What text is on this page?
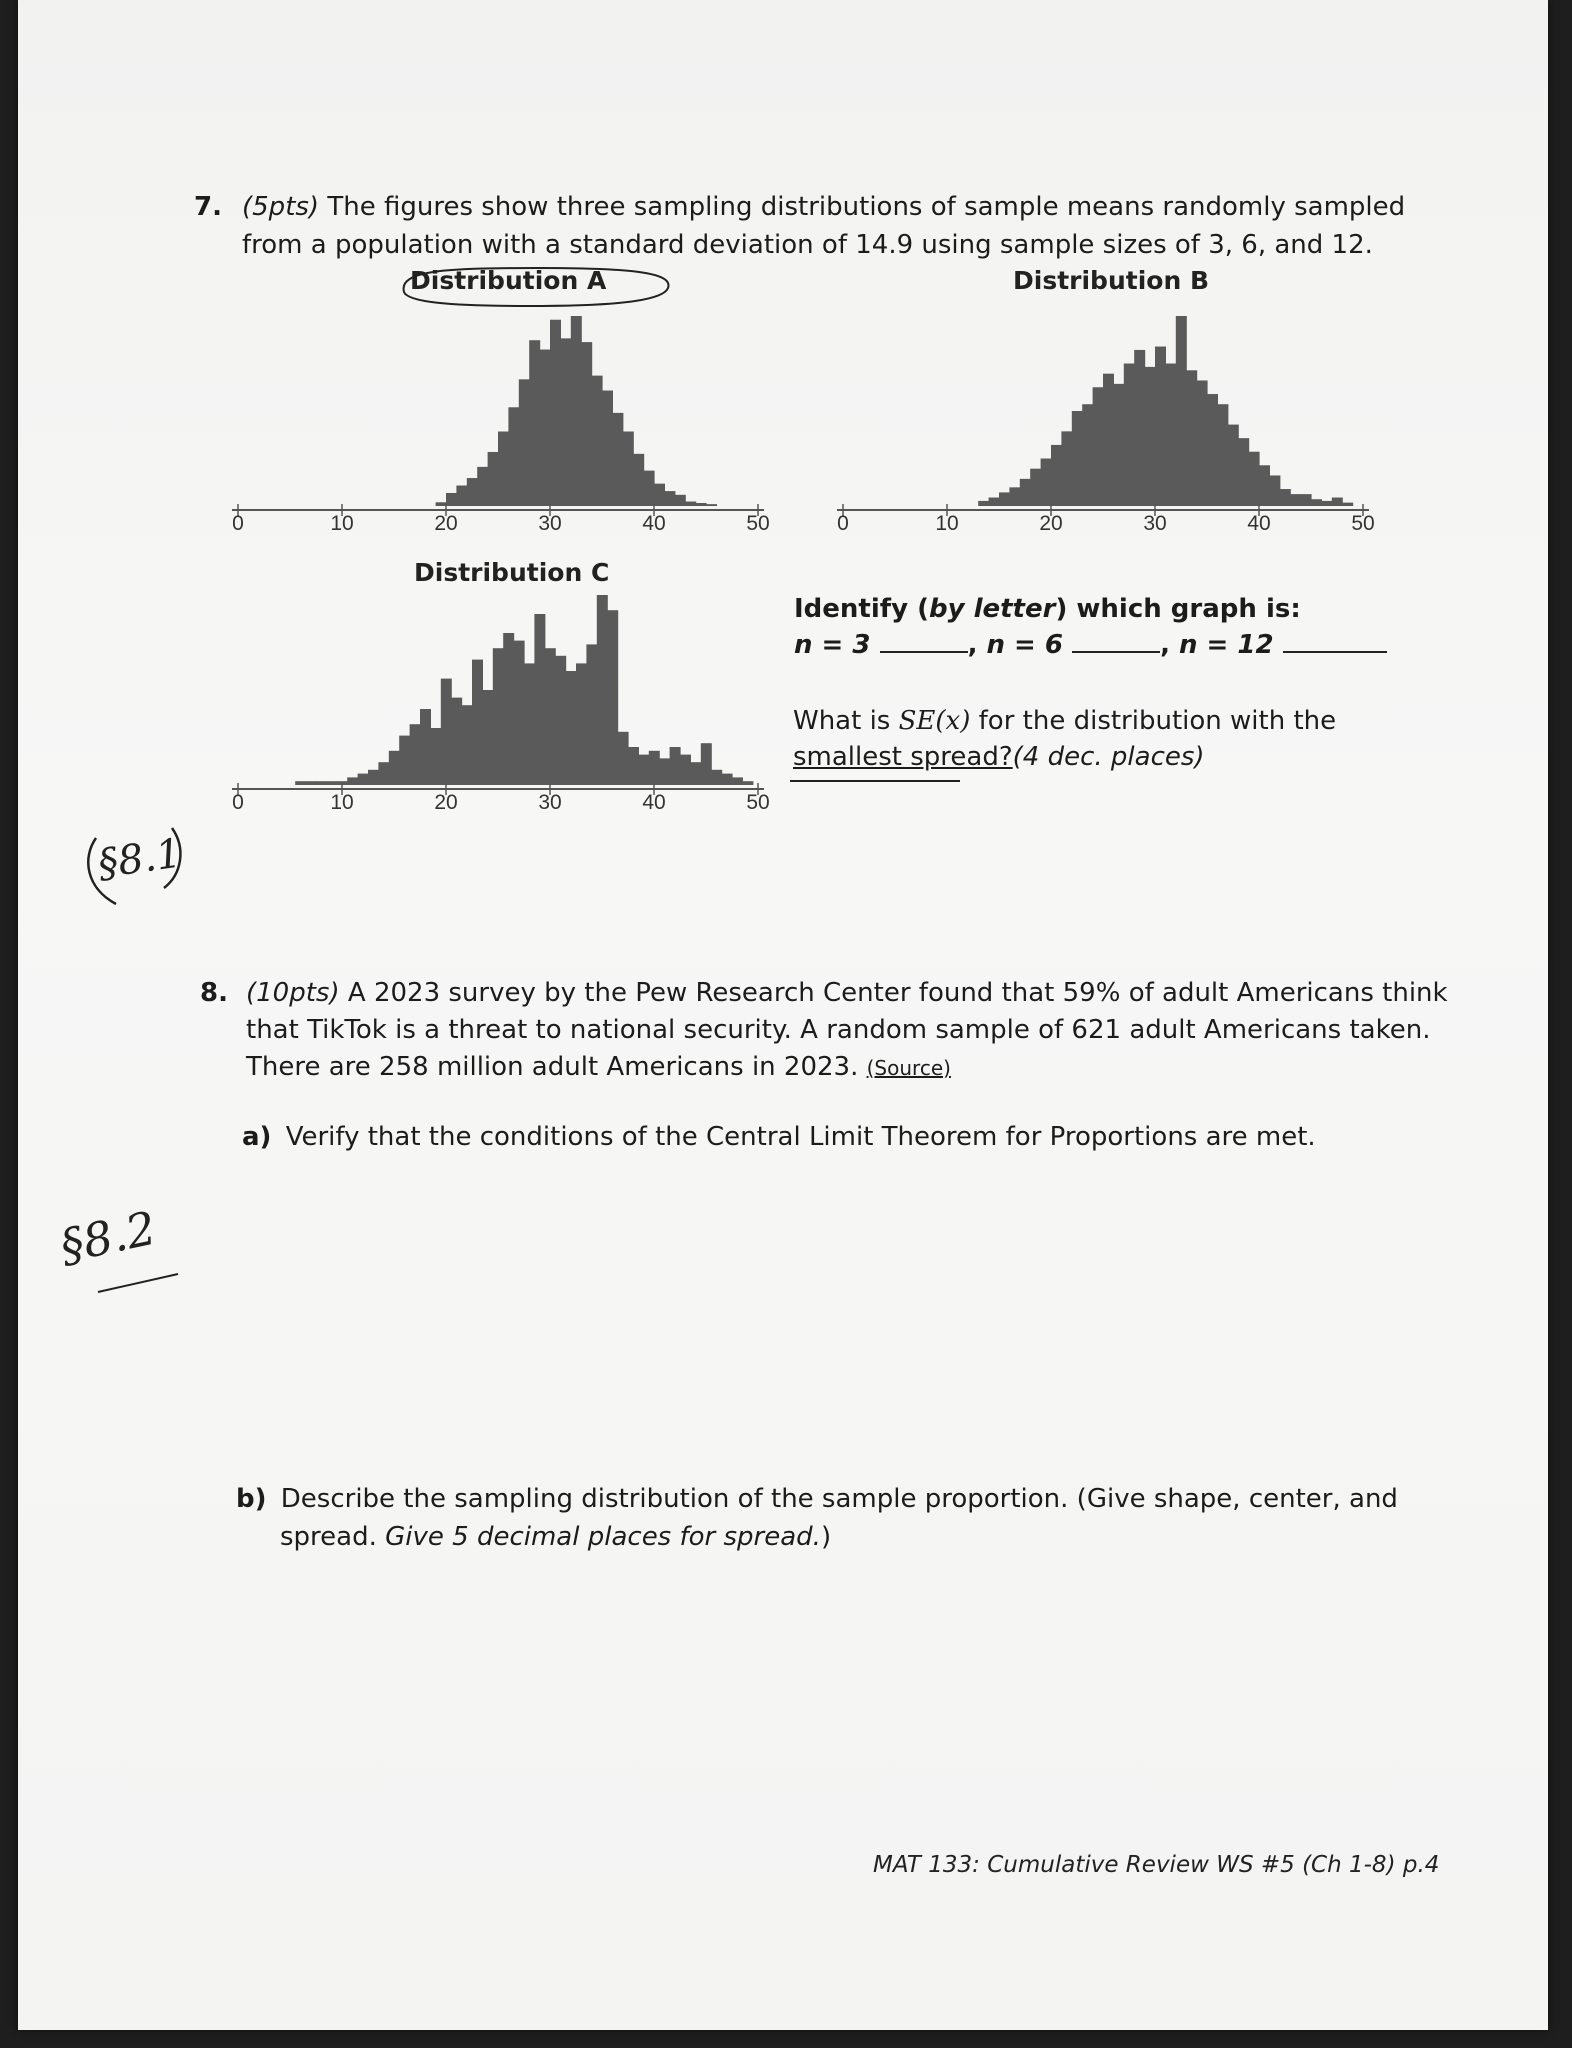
7. (5pts) The figures show three sampling distributions of sample means randomly sampled
from a population with a standard deviation of 14.9 using sample sizes of 3, 6, and 12.
Distribution A	Distribution B
Distribution C
0	10	20	30	40	50	0	10	20	30	40	50
0	10	20	30	40	50
Identify (by letter) which graph is:
n = 3	, n = 6	, n = 12
What is SE(x) for the distribution with the
smallest spread?(4 dec. places)
§8.1
§8.2
8. (10pts) A 2023 survey by the Pew Research Center found that 59% of adult Americans think
that TikTok is a threat to national security. A random sample of 621 adult Americans taken.
There are 258 million adult Americans in 2023. (Source)
a) Verify that the conditions of the Central Limit Theorem for Proportions are met.
b) Describe the sampling distribution of the sample proportion. (Give shape, center, and
spread. Give 5 decimal places for spread.)
MAT 133: Cumulative Review WS #5 (Ch 1-8) p.4
